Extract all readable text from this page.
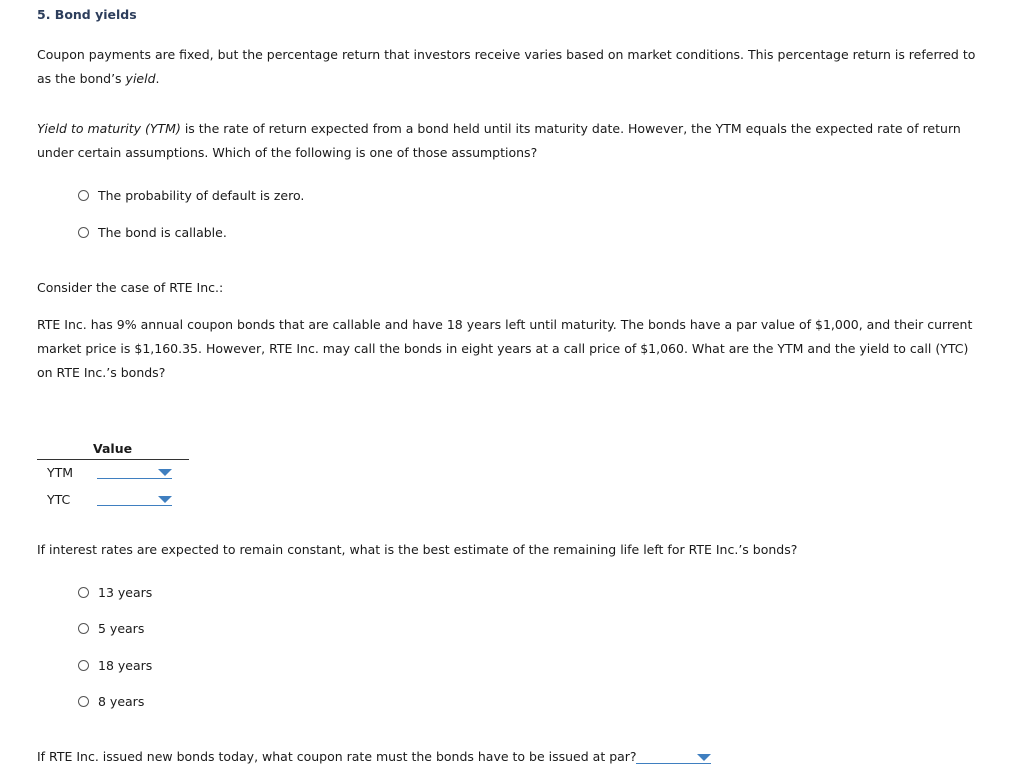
5. Bond yields
Coupon payments are fixed, but the percentage return that investors receive varies based on market conditions. This percentage return is referred to as the bond’s yield.
Yield to maturity (YTM) is the rate of return expected from a bond held until its maturity date. However, the YTM equals the expected rate of return under certain assumptions. Which of the following is one of those assumptions?
The probability of default is zero.
The bond is callable.
Consider the case of RTE Inc.:
RTE Inc. has 9% annual coupon bonds that are callable and have 18 years left until maturity. The bonds have a par value of $1,000, and their current market price is $1,160.35. However, RTE Inc. may call the bonds in eight years at a call price of $1,060. What are the YTM and the yield to call (YTC) on RTE Inc.’s bonds?
Value
YTM
YTC
If interest rates are expected to remain constant, what is the best estimate of the remaining life left for RTE Inc.’s bonds?
13 years
5 years
18 years
8 years
If RTE Inc. issued new bonds today, what coupon rate must the bonds have to be issued at par?
